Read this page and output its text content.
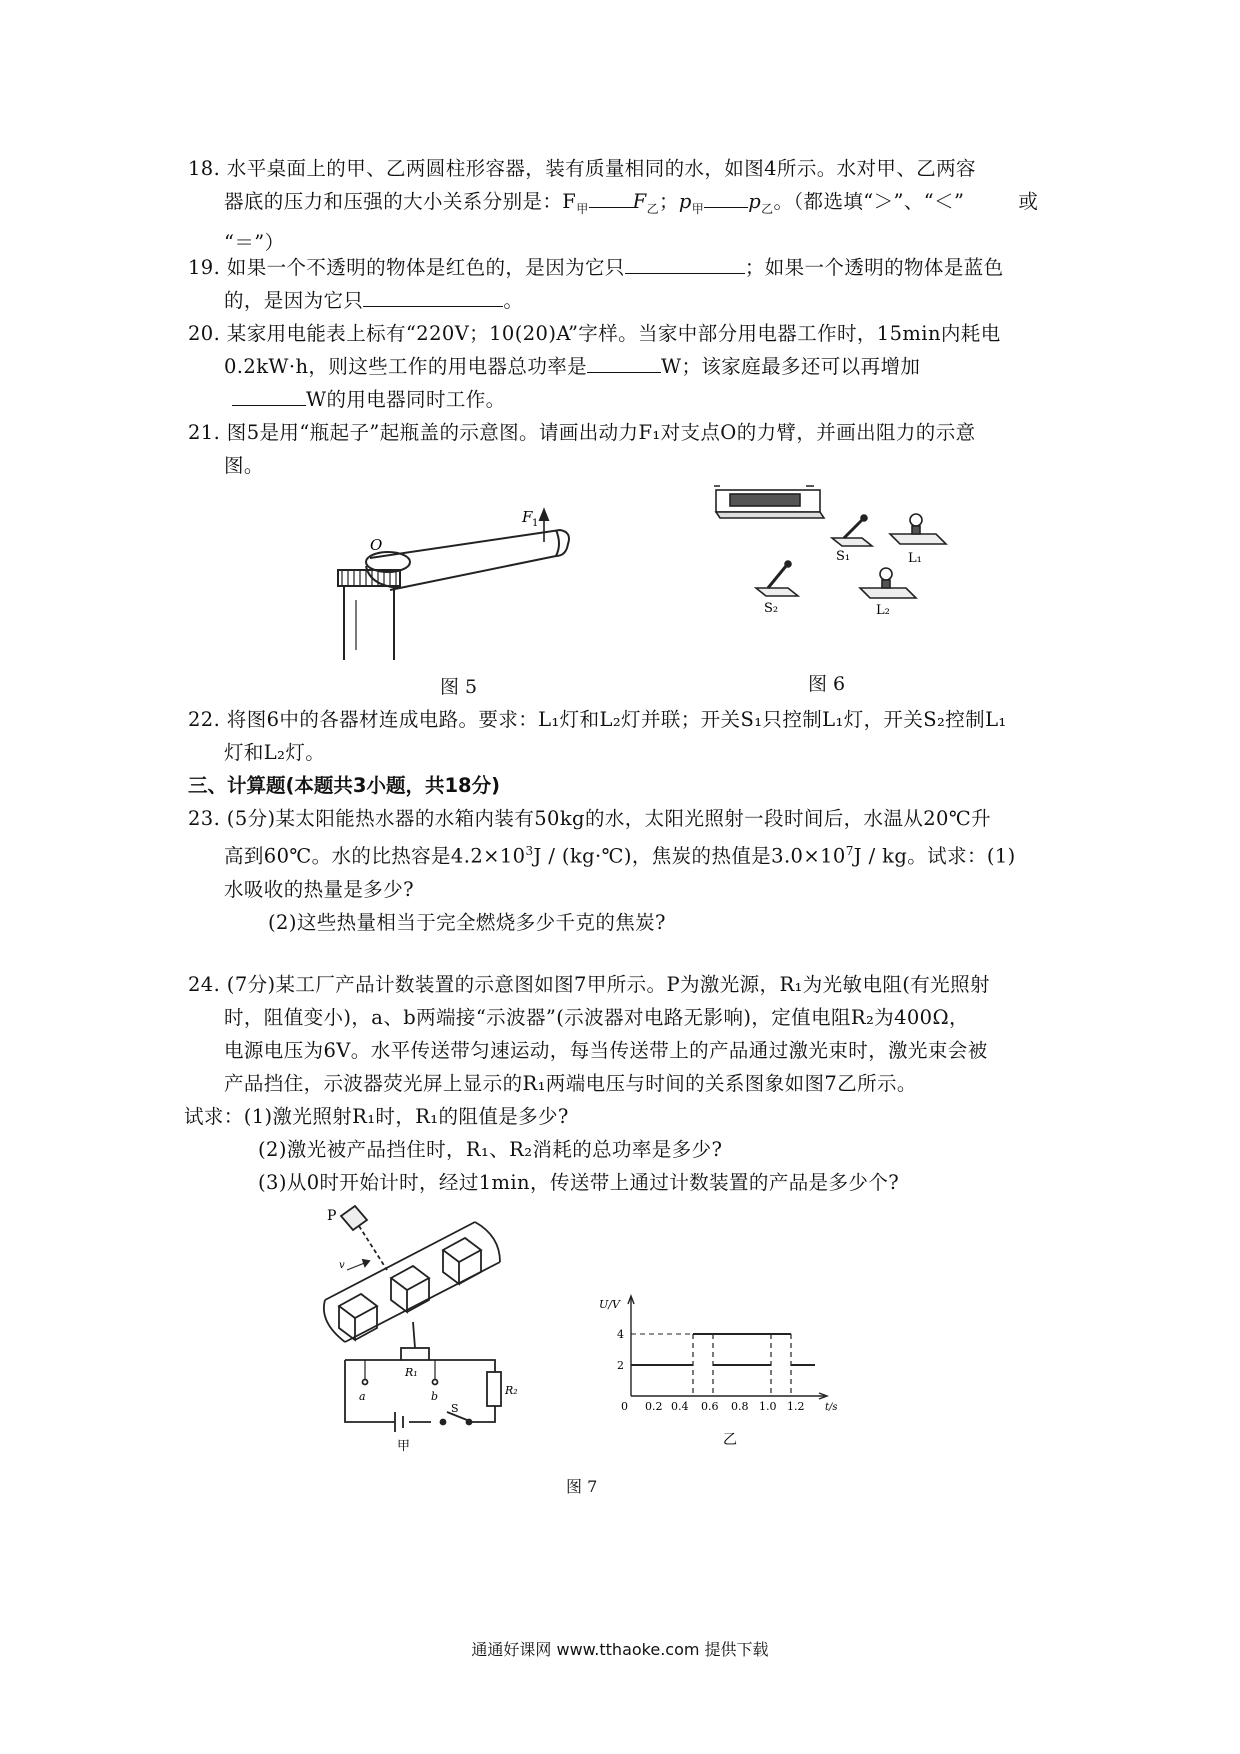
18. 水平桌面上的甲、乙两圆柱形容器，装有质量相同的水，如图4所示。水对甲、乙两容
器底的压力和压强的大小关系分别是：$F_甲$ $F_乙$；$p_甲$ $p_乙$。（都选填“＞”、“＜”	或
“＝”）
19. 如果一个不透明的物体是红色的，是因为它只	；如果一个透明的物体是蓝色
的，是因为它只	。
20. 某家用电能表上标有“220V；10(20)A”字样。当家中部分用电器工作时，15min内耗电
0.2kW·h，则这些工作的用电器总功率是	W；该家庭最多还可以再增加
W的用电器同时工作。
21. 图5是用“瓶起子”起瓶盖的示意图。请画出动力F₁对支点O的力臂，并画出阻力的示意
图。
O
F 1
图 5
S₁	L₁
S₂	L₂
图 6
22. 将图6中的各器材连成电路。要求：L₁灯和L₂灯并联；开关S₁只控制L₁灯，开关S₂控制L₁
灯和L₂灯。
三、计算题(本题共3小题，共18分)
23. (5分)某太阳能热水器的水箱内装有50kg的水，太阳光照射一段时间后，水温从20℃升
高到60℃。水的比热容是$4.2\times 10^3J$ / (kg·℃)，焦炭的热值是$3.0\times 10^7J$ / kg。试求：(1)
水吸收的热量是多少?
(2)这些热量相当于完全燃烧多少千克的焦炭?
24. (7分)某工厂产品计数装置的示意图如图7甲所示。P为激光源，R₁为光敏电阻(有光照射
时，阻值变小)，a、b两端接“示波器”(示波器对电路无影响)，定值电阻R₂为400Ω，
电源电压为6V。水平传送带匀速运动，每当传送带上的产品通过激光束时，激光束会被
产品挡住，示波器荧光屏上显示的R₁两端电压与时间的关系图象如图7乙所示。
试求：(1)激光照射R₁时，R₁的阻值是多少?
(2)激光被产品挡住时，R₁、R₂消耗的总功率是多少?
(3)从0时开始计时，经过1min，传送带上通过计数装置的产品是多少个?
P
v
R₁
R₂
a	b
S
甲
U/V
4
2
0 0.2 0.4 0.6 0.8 1.0 1.2 t/s
乙
图 7
通通好课网 www.tthaoke.com 提供下载
